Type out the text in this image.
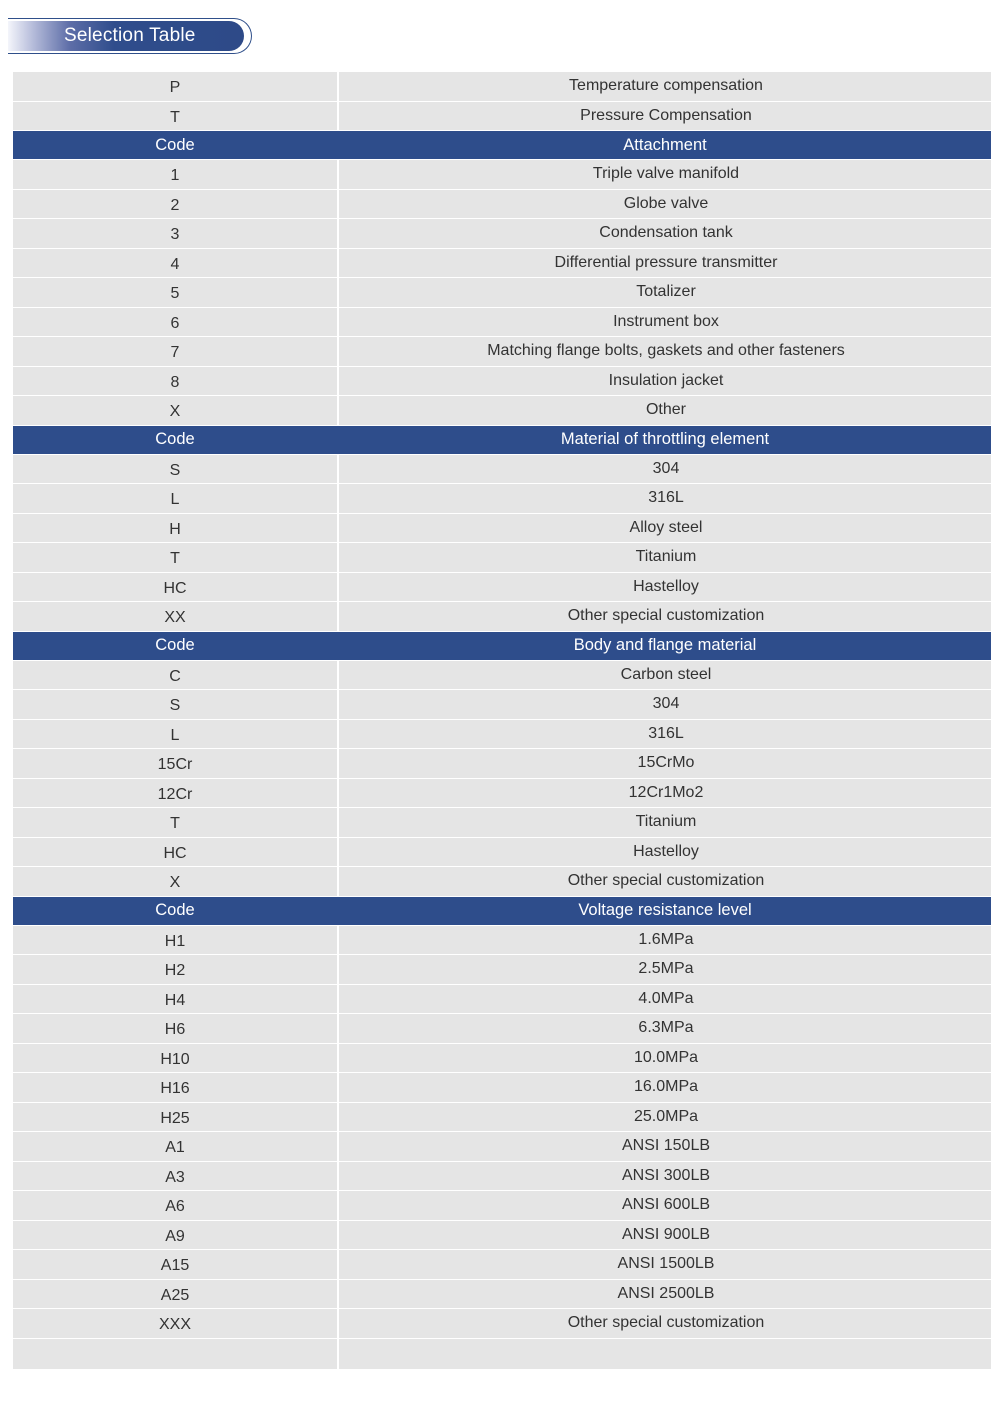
Selection Table
P	Temperature compensation
T	Pressure Compensation
Code	Attachment
1	Triple valve manifold
2	Globe valve
3	Condensation tank
4	Differential pressure transmitter
5	Totalizer
6	Instrument box
7	Matching flange bolts, gaskets and other fasteners
8	Insulation jacket
X	Other
Code	Material of throttling element
S	304
L	316L
H	Alloy steel
T	Titanium
HC	Hastelloy
XX	Other special customization
Code	Body and flange material
C	Carbon steel
S	304
L	316L
15Cr	15CrMo
12Cr	12Cr1Mo2
T	Titanium
HC	Hastelloy
X	Other special customization
Code	Voltage resistance level
H1	1.6MPa
H2	2.5MPa
H4	4.0MPa
H6	6.3MPa
H10	10.0MPa
H16	16.0MPa
H25	25.0MPa
A1	ANSI 150LB
A3	ANSI 300LB
A6	ANSI 600LB
A9	ANSI 900LB
A15	ANSI 1500LB
A25	ANSI 2500LB
XXX	Other special customization
